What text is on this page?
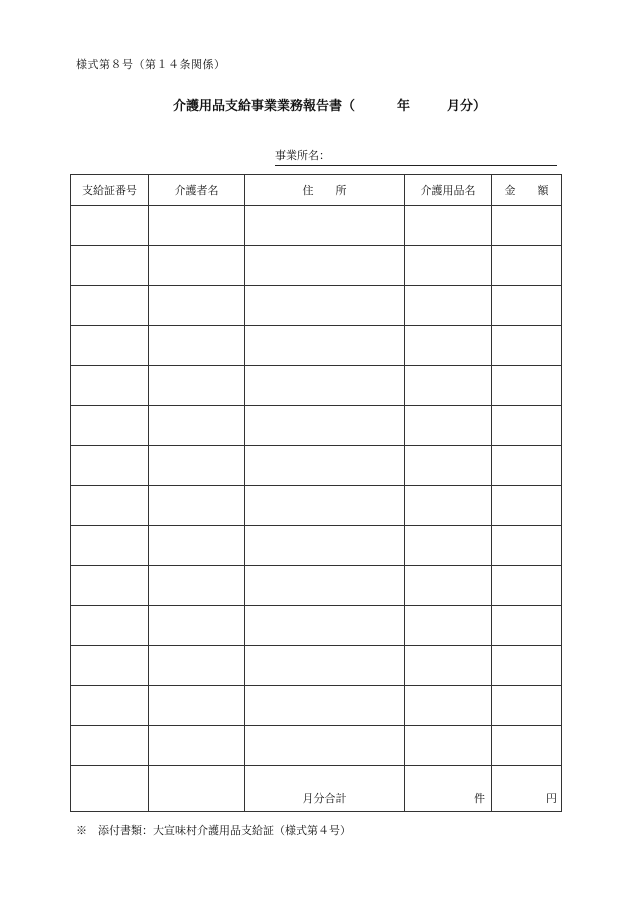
様式第８号（第１４条関係）
介護用品支給事業業務報告書（	年	月分）
事業所名：
支給証番号	介護者名	住　　所	介護用品名	金　　額

		月分合計	件	円
※　添付書類：大宣味村介護用品支給証（様式第４号）
